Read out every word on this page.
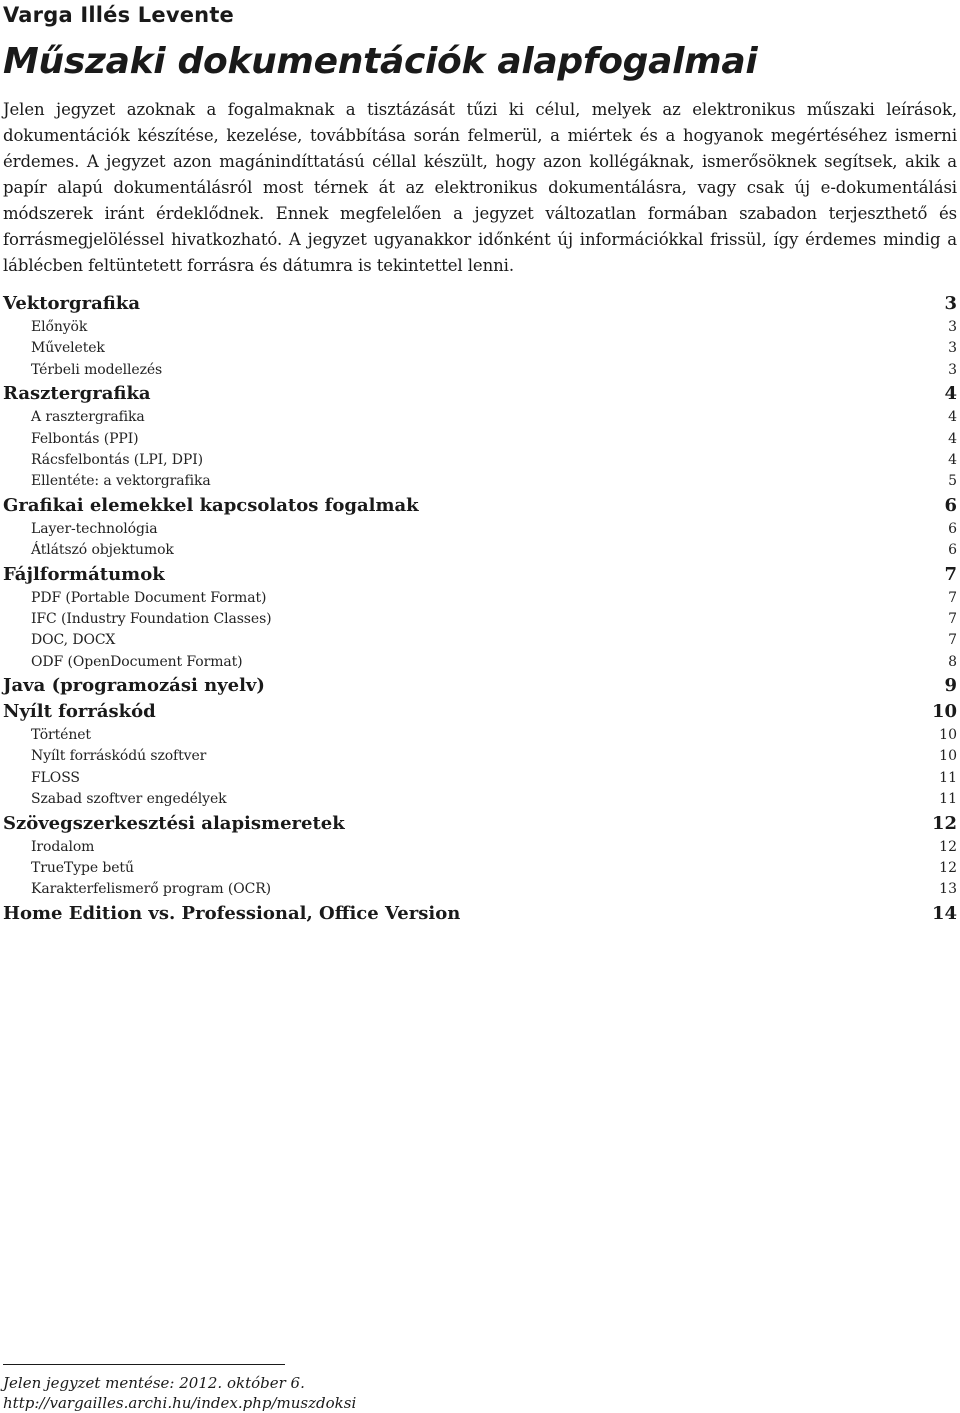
Varga Illés Levente
Műszaki dokumentációk alapfogalmai

Jelen jegyzet azoknak a fogalmaknak a tisztázását tűzi ki célul, melyek az elektronikus műszaki leírások, dokumentációk készítése, kezelése, továbbítása során felmerül, a miértek és a hogyanok megértéséhez ismerni érdemes. A jegyzet azon magánindíttatású céllal készült, hogy azon kollégáknak, ismerősöknek segítsek, akik a papír alapú dokumentálásról most térnek át az elektronikus dokumentálásra, vagy csak új e-dokumentálási módszerek iránt érdeklődnek. Ennek megfelelően a jegyzet változatlan formában szabadon terjeszthető és forrásmegjelöléssel hivatkozható. A jegyzet ugyanakkor időnként új információkkal frissül, így érdemes mindig a láblécben feltüntetett forrásra és dátumra is tekintettel lenni.

Vektorgrafika	3
Előnyök	3
Műveletek	3
Térbeli modellezés	3
Rasztergrafika	4
A rasztergrafika	4
Felbontás (PPI)	4
Rácsfelbontás (LPI, DPI)	4
Ellentéte: a vektorgrafika	5
Grafikai elemekkel kapcsolatos fogalmak	6
Layer-technológia	6
Átlátszó objektumok	6
Fájlformátumok	7
PDF (Portable Document Format)	7
IFC (Industry Foundation Classes)	7
DOC, DOCX	7
ODF (OpenDocument Format)	8
Java (programozási nyelv)	9
Nyílt forráskód	10
Történet	10
Nyílt forráskódú szoftver	10
FLOSS	11
Szabad szoftver engedélyek	11
Szövegszerkesztési alapismeretek	12
Irodalom	12
TrueType betű	12
Karakterfelismerő program (OCR)	13
Home Edition vs. Professional, Office Version	14
Jelen jegyzet mentése: 2012. október 6.
http://vargailles.archi.hu/index.php/muszdoksi
